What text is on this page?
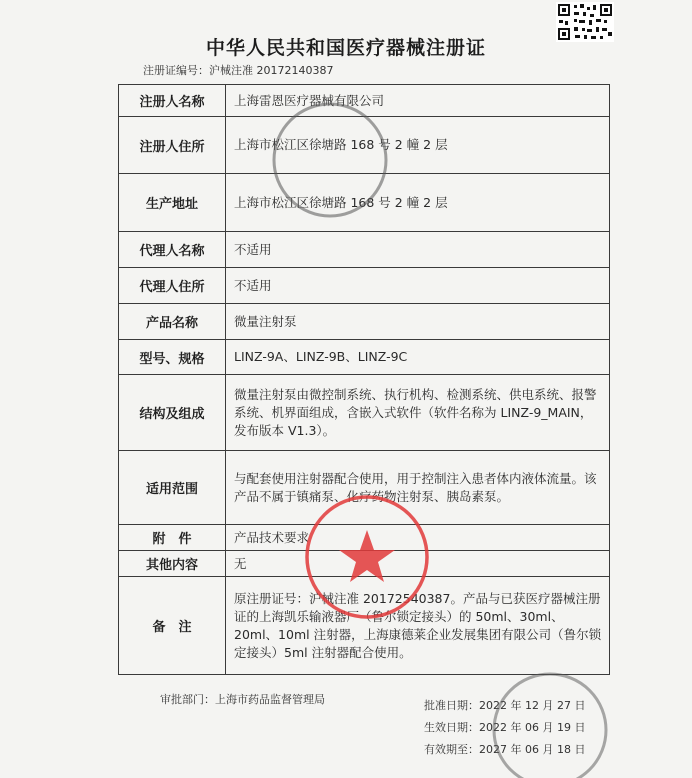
中华人民共和国医疗器械注册证
注册证编号：沪械注准 20172140387
注册人名称	上海雷恩医疗器械有限公司
注册人住所	上海市松江区徐塘路 168 号 2 幢 2 层
生产地址	上海市松江区徐塘路 168 号 2 幢 2 层
代理人名称	不适用
代理人住所	不适用
产品名称	微量注射泵
型号、规格	LINZ-9A、LINZ-9B、LINZ-9C
结构及组成	微量注射泵由微控制系统、执行机构、检测系统、供电系统、报警系统、机界面组成，含嵌入式软件（软件名称为 LINZ-9_MAIN，发布版本 V1.3）。
适用范围	与配套使用注射器配合使用，用于控制注入患者体内液体流量。该产品不属于镇痛泵、化疗药物注射泵、胰岛素泵。
附　件	产品技术要求
其他内容	无
备　注	原注册证号：沪械注准 20172540387。产品与已获医疗器械注册证的上海凯乐输液器厂（鲁尔锁定接头）的 50ml、30ml、20ml、10ml 注射器，上海康德莱企业发展集团有限公司（鲁尔锁定接头）5ml 注射器配合使用。
审批部门：上海市药品监督管理局	批准日期：2022 年 12 月 27 日
生效日期：2022 年 06 月 19 日
有效期至：2027 年 06 月 18 日
